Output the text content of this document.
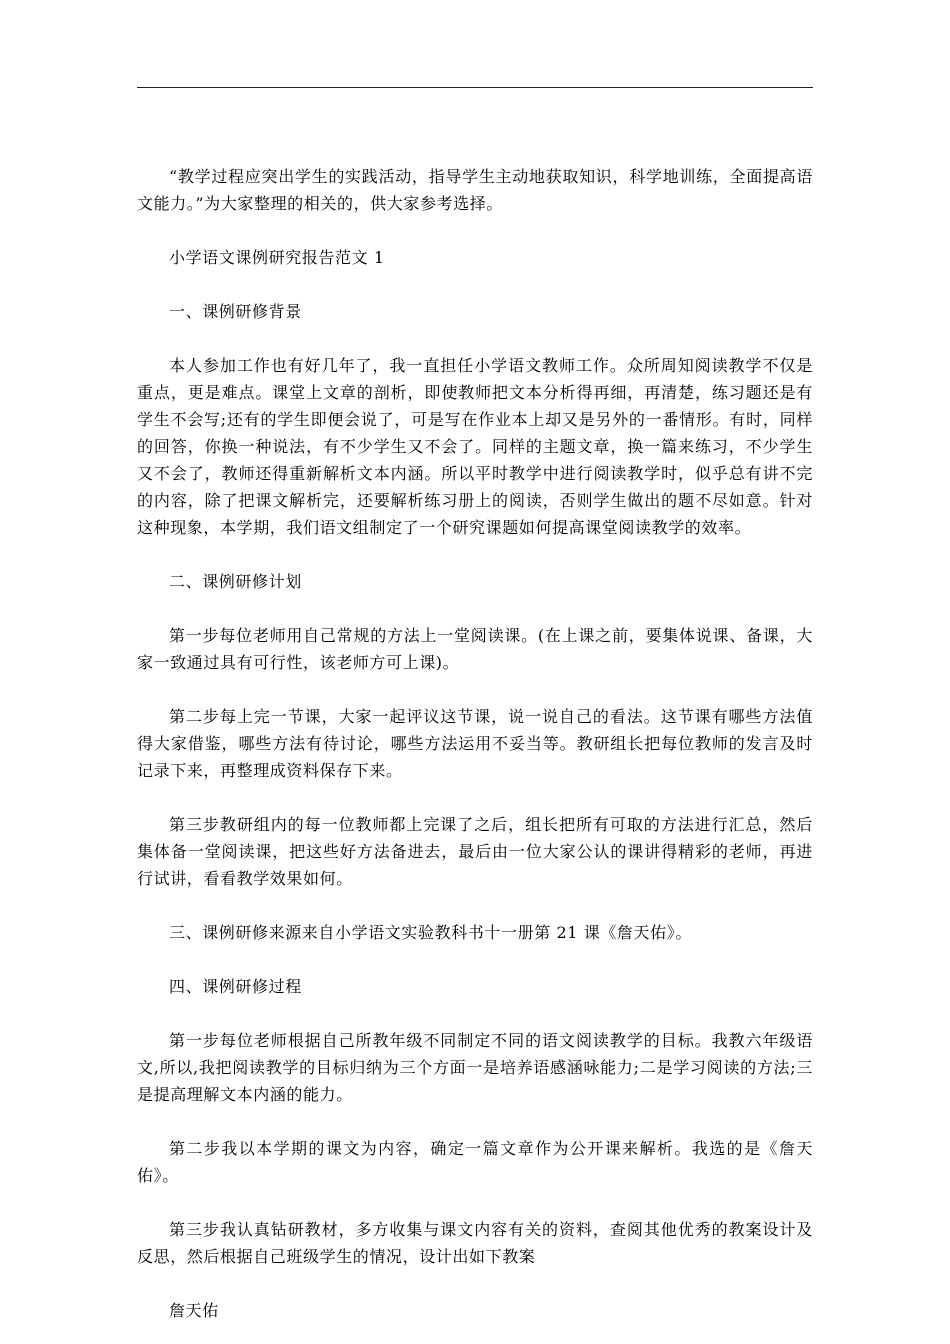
“教学过程应突出学生的实践活动，指导学生主动地获取知识，科学地训练，全面提高语文能力。”为大家整理的相关的，供大家参考选择。

小学语文课例研究报告范文 1

一、课例研修背景

本人参加工作也有好几年了，我一直担任小学语文教师工作。众所周知阅读教学不仅是重点，更是难点。课堂上文章的剖析，即使教师把文本分析得再细，再清楚，练习题还是有学生不会写;还有的学生即便会说了，可是写在作业本上却又是另外的一番情形。有时，同样的回答，你换一种说法，有不少学生又不会了。同样的主题文章，换一篇来练习，不少学生又不会了，教师还得重新解析文本内涵。所以平时教学中进行阅读教学时，似乎总有讲不完的内容，除了把课文解析完，还要解析练习册上的阅读，否则学生做出的题不尽如意。针对这种现象，本学期，我们语文组制定了一个研究课题如何提高课堂阅读教学的效率。

二、课例研修计划

第一步每位老师用自己常规的方法上一堂阅读课。(在上课之前，要集体说课、备课，大家一致通过具有可行性，该老师方可上课)。

第二步每上完一节课，大家一起评议这节课，说一说自己的看法。这节课有哪些方法值得大家借鉴，哪些方法有待讨论，哪些方法运用不妥当等。教研组长把每位教师的发言及时记录下来，再整理成资料保存下来。

第三步教研组内的每一位教师都上完课了之后，组长把所有可取的方法进行汇总，然后集体备一堂阅读课，把这些好方法备进去，最后由一位大家公认的课讲得精彩的老师，再进行试讲，看看教学效果如何。

三、课例研修来源来自小学语文实验教科书十一册第 21 课《詹天佑》。

四、课例研修过程

第一步每位老师根据自己所教年级不同制定不同的语文阅读教学的目标。我教六年级语文,所以,我把阅读教学的目标归纳为三个方面一是培养语感涵咏能力;二是学习阅读的方法;三是提高理解文本内涵的能力。

第二步我以本学期的课文为内容，确定一篇文章作为公开课来解析。我选的是《詹天佑》。

第三步我认真钻研教材，多方收集与课文内容有关的资料，查阅其他优秀的教案设计及反思，然后根据自己班级学生的情况，设计出如下教案

詹天佑
